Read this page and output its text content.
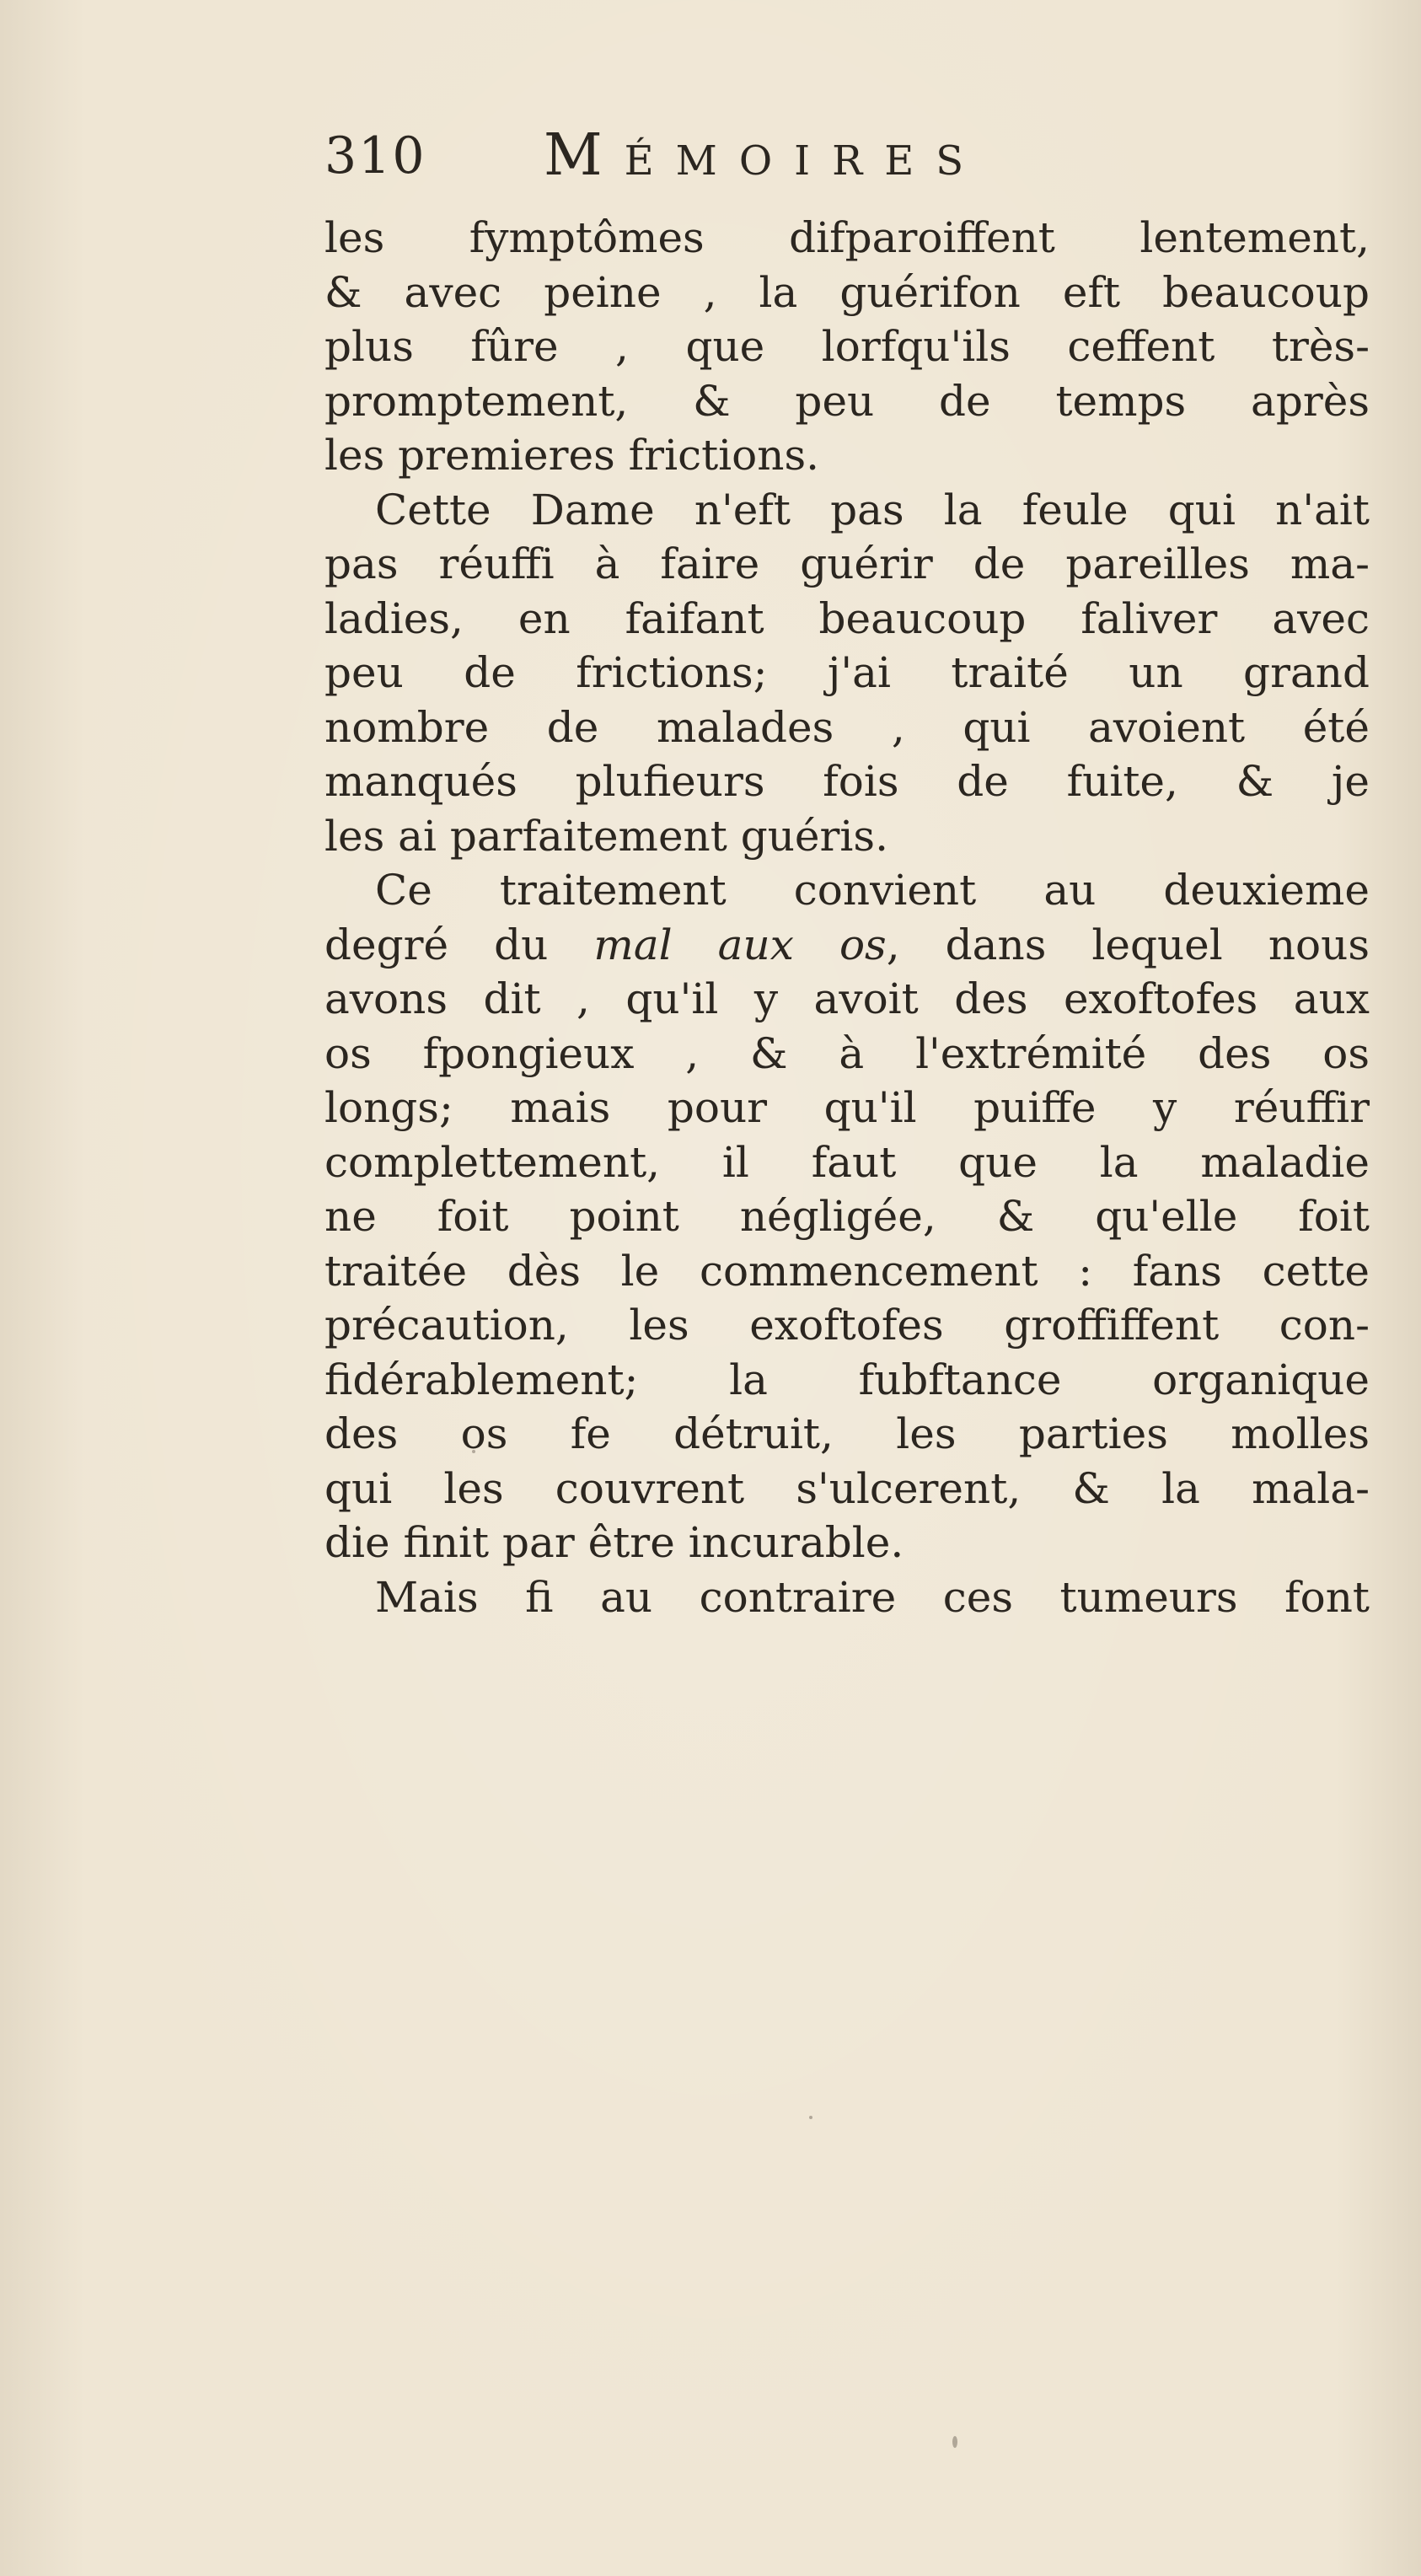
310 Mémoires
les fymptômes difparoiffent lentement,
& avec peine , la guérifon eft beaucoup
plus fûre , que lorfqu'ils ceffent très-
promptement, & peu de temps après
les premieres frictions.
Cette Dame n'eft pas la feule qui n'ait
pas réuffi à faire guérir de pareilles ma-
ladies, en faifant beaucoup faliver avec
peu de frictions; j'ai traité un grand
nombre de malades , qui avoient été
manqués plufieurs fois de fuite, & je
les ai parfaitement guéris.
Ce traitement convient au deuxieme
degré du mal aux os, dans lequel nous
avons dit , qu'il y avoit des exoftofes aux
os fpongieux , & à l'extrémité des os
longs; mais pour qu'il puiffe y réuffir
complettement, il faut que la maladie
ne foit point négligée, & qu'elle foit
traitée dès le commencement : fans cette
précaution, les exoftofes groffiffent con-
fidérablement; la fubftance organique
des os fe détruit, les parties molles
qui les couvrent s'ulcerent, & la mala-
die finit par être incurable.
Mais fi au contraire ces tumeurs font
